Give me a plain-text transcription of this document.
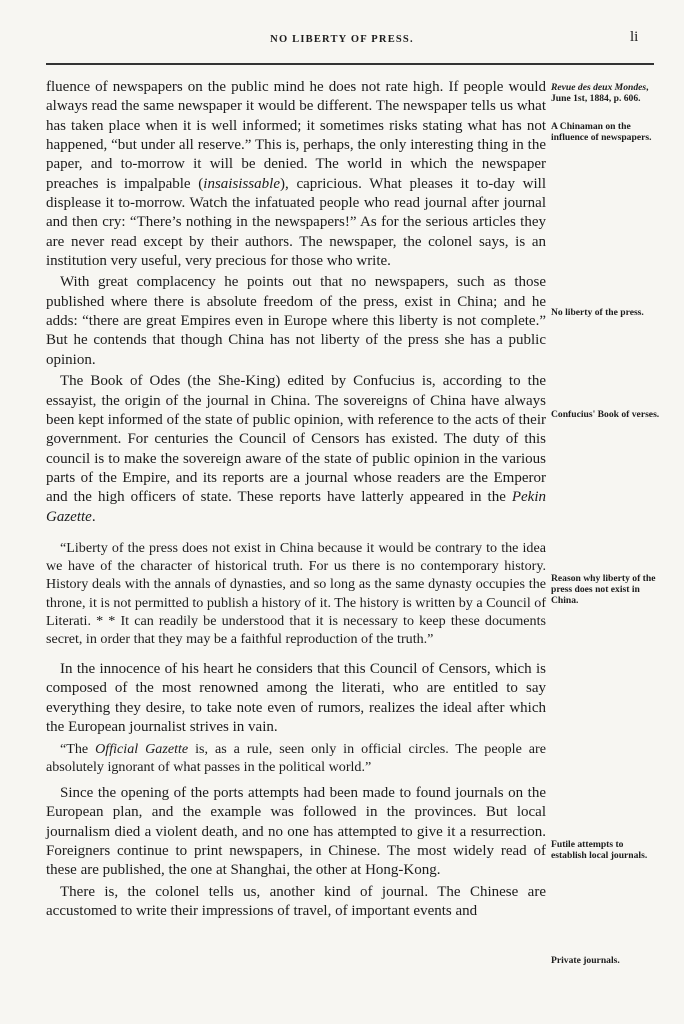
NO LIBERTY OF PRESS.	li

fluence of newspapers on the public mind he does not rate high. If people would always read the same newspaper it would be different. The newspaper tells us what has taken place when it is well informed; it sometimes risks stating what has not happened, “but under all reserve.” This is, perhaps, the only interesting thing in the paper, and to-morrow it will be denied. The world in which the newspaper preaches is impalpable (insaisissable), capricious. What pleases it to-day will displease it to-morrow. Watch the infatuated people who read journal after journal and then cry: “There’s nothing in the newspapers!” As for the serious articles they are never read except by their authors. The newspaper, the colonel says, is an institution very useful, very precious for those who write.

With great complacency he points out that no newspapers, such as those published where there is absolute freedom of the press, exist in China; and he adds: “there are great Empires even in Europe where this liberty is not complete.” But he contends that though China has not liberty of the press she has a public opinion.

The Book of Odes (the She-King) edited by Confucius is, according to the essayist, the origin of the journal in China. The sovereigns of China have always been kept informed of the state of public opinion, with reference to the acts of their government. For centuries the Council of Censors has existed. The duty of this council is to make the sovereign aware of the state of public opinion in the various parts of the Empire, and its reports are a journal whose readers are the Emperor and the high officers of state. These reports have latterly appeared in the Pekin Gazette.

“Liberty of the press does not exist in China because it would be contrary to the idea we have of the character of historical truth. For us there is no contemporary history. History deals with the annals of dynasties, and so long as the same dynasty occupies the throne, it is not permitted to publish a history of it. The history is written by a Council of Literati. * * It can readily be understood that it is necessary to keep these documents secret, in order that they may be a faithful reproduction of the truth.”

In the innocence of his heart he considers that this Council of Censors, which is composed of the most renowned among the literati, who are entitled to say everything they desire, to take note even of rumors, realizes the ideal after which the European journalist strives in vain.

“The Official Gazette is, as a rule, seen only in official circles. The people are absolutely ignorant of what passes in the political world.”

Since the opening of the ports attempts had been made to found journals on the European plan, and the example was followed in the provinces. But local journalism died a violent death, and no one has attempted to give it a resurrection. Foreigners continue to print newspapers, in Chinese. The most widely read of these are published, the one at Shanghai, the other at Hong-Kong.

There is, the colonel tells us, another kind of journal. The Chinese are accustomed to write their impressions of travel, of important events and

Revue des deux Mondes, June 1st, 1884, p. 606.
A Chinaman on the influence of newspapers.
No liberty of the press.
Confucius' Book of verses.
Reason why liberty of the press does not exist in China.
Futile attempts to establish local journals.
Private journals.
